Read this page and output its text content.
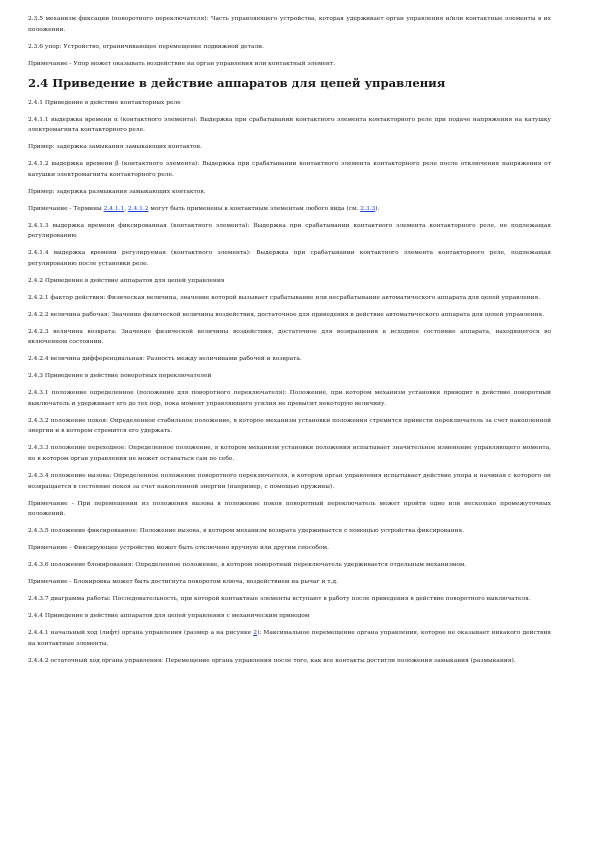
2.3.5 механизм фиксации (поворотного переключателя): Часть управляющего устройства, которая удерживает орган управления и/или контактные элементы в их положении.

2.3.6 упор: Устройство, ограничивающее перемещение подвижной детали.

Примечание - Упор может оказывать воздействие на орган управления или контактный элемент.

2.4 Приведение в действие аппаратов для цепей управления

2.4.1 Приведение в действие контакторных реле

2.4.1.1 выдержка времени α (контактного элемента): Выдержка при срабатывании контактного элемента контакторного реле при подаче напряжения на катушку электромагнита контакторного реле.

Пример: задержка замыкания замыкающих контактов.

2.4.1.2 выдержка времени β (контактного элемента): Выдержка при срабатывании контактного элемента контакторного реле после отключения напряжения от катушки электромагнита контакторного реле.

Пример: задержка размыкания замыкающих контактов.

Примечание - Термины 2.4.1.1, 2.4.1.2 могут быть применены к контактным элементам любого вида (см. 2.3.3).

2.4.1.3 выдержка времени фиксированная (контактного элемента): Выдержка при срабатывании контактного элемента контакторного реле, не подлежащая регулированию

2.4.1.4 выдержка времени регулируемая (контактного элемента): Выдержка при срабатывании контактного элемента контакторного реле, подлежащая регулированию после установки реле.

2.4.2 Приведение в действие аппаратов для цепей управления

2.4.2.1 фактор действия: Физическая величина, значение которой вызывает срабатывание или несрабатывание автоматического аппарата для цепей управления.

2.4.2.2 величина рабочая: Значение физической величины воздействия, достаточное для приведения в действие автоматического аппарата для цепей управления.

2.4.2.3 величина возврата: Значение физической величины воздействия, достаточное для возвращения в исходное состояние аппарата, находящегося во включенном состоянии.

2.4.2.4 величина дифференциальная: Разность между величинами рабочей и возврата.

2.4.3 Приведение в действие поворотных переключателей

2.4.3.1 положение определенное (положение для поворотного переключателя): Положение, при котором механизм установки приводит в действие поворотный выключатель и удерживает его до тех пор, пока момент управляющего усилия не превысит некоторую величину.

2.4.3.2 положение покоя: Определенное стабильное положение, в которое механизм установки положения стремится привести переключатель за счет накопленной энергии и в котором стремится его удержать.

2.4.3.3 положение переходное: Определенное положение, в котором механизм установки положения испытывает значительное изменение управляющего момента, но в котором орган управления не может оставаться сам по себе.

2.4.3.4 положение вызова: Определенное положение поворотного переключателя, в котором орган управления испытывает действие упора и начиная с которого он возвращается в состояние покоя за счет накопленной энергии (например, с помощью пружины).

Примечание - При перемещении из положения вызова в положение покоя поворотный переключатель может пройти одно или несколько промежуточных положений.

2.4.3.5 положение фиксированное: Положение вызова, в котором механизм возврата удерживается с помощью устройства фиксирования.

Примечание - Фиксирующее устройство может быть отключено вручную или другим способом.

2.4.3.6 положение блокирования: Определенное положение, в котором поворотный переключатель удерживается отдельным механизмом.

Примечание - Блокировка может быть достигнута поворотом ключа, воздействием на рычаг и т.д.

2.4.3.7 диаграмма работы: Последовательность, при которой контактные элементы вступают в работу после приведения в действие поворотного выключателя.

2.4.4 Приведение в действие аппаратов для цепей управления с механическим приводом

2.4.4.1 начальный ход (лифт) органа управления (размер a на рисунке 2): Максимальное перемещение органа управления, которое не оказывает никакого действия на контактные элементы.

2.4.4.2 остаточный ход органа управления: Перемещение органа управления после того, как все контакты достигли положения замыкания (размыкания).
